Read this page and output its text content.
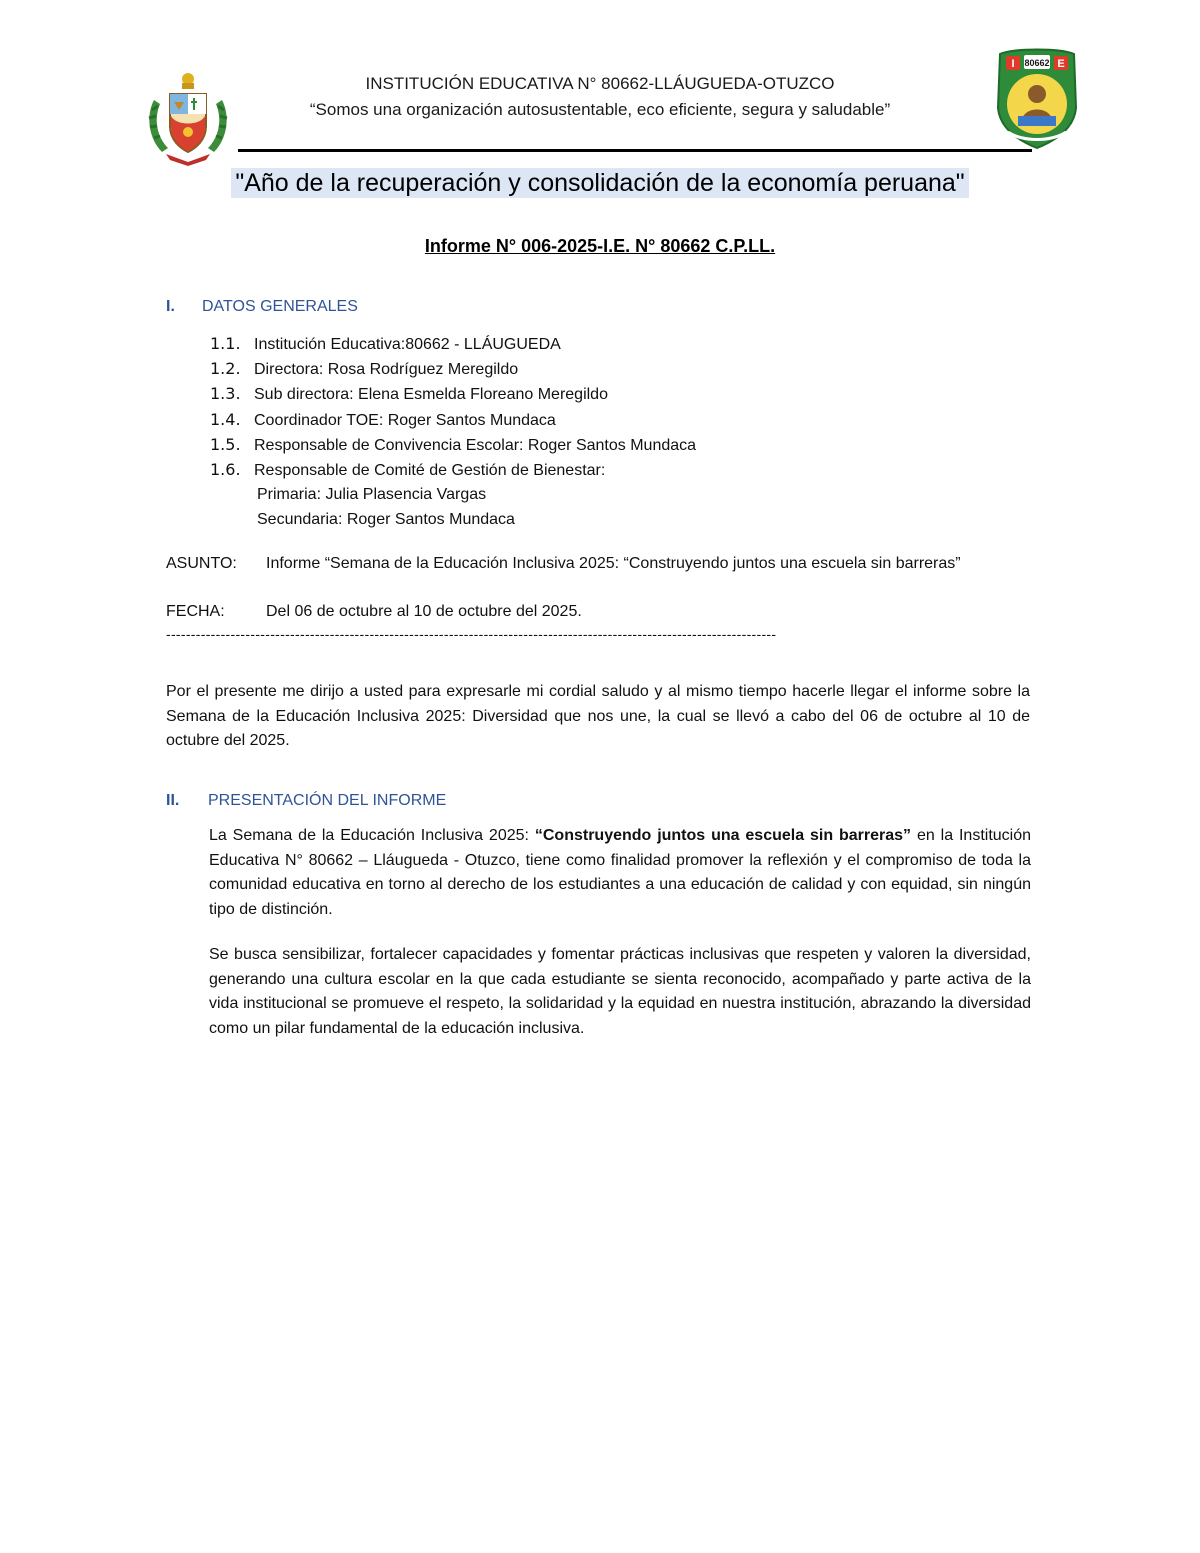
INSTITUCIÓN EDUCATIVA N° 80662-LLÁUGUEDA-OTUZCO
“Somos una organización autosustentable, eco eficiente, segura y saludable”
I	E
80662
"Año de la recuperación y consolidación de la economía peruana"
Informe N° 006-2025-I.E. N° 80662 C.P.LL.
I. DATOS GENERALES
1.1. Institución Educativa:80662 - LLÁUGUEDA
1.2. Directora: Rosa Rodríguez Meregildo
1.3. Sub directora: Elena Esmelda Floreano Meregildo
1.4. Coordinador TOE: Roger Santos Mundaca
1.5. Responsable de Convivencia Escolar: Roger Santos Mundaca
1.6. Responsable de Comité de Gestión de Bienestar:
Primaria: Julia Plasencia Vargas
Secundaria: Roger Santos Mundaca
ASUNTO: Informe “Semana de la Educación Inclusiva 2025: “Construyendo juntos una escuela sin barreras”
FECHA:	Del 06 de octubre al 10 de octubre del 2025.
---------------------------------------------------------------------------------------------------------------------------
Por el presente me dirijo a usted para expresarle mi cordial saludo y al mismo tiempo hacerle llegar el informe sobre la Semana de la Educación Inclusiva 2025: Diversidad que nos une, la cual se llevó a cabo del 06 de octubre al 10 de octubre del 2025.
II. PRESENTACIÓN DEL INFORME
La Semana de la Educación Inclusiva 2025: “Construyendo juntos una escuela sin barreras” en la Institución Educativa N° 80662 – Lláugueda - Otuzco, tiene como finalidad promover la reflexión y el compromiso de toda la comunidad educativa en torno al derecho de los estudiantes a una educación de calidad y con equidad, sin ningún tipo de distinción.
Se busca sensibilizar, fortalecer capacidades y fomentar prácticas inclusivas que respeten y valoren la diversidad, generando una cultura escolar en la que cada estudiante se sienta reconocido, acompañado y parte activa de la vida institucional se promueve el respeto, la solidaridad y la equidad en nuestra institución, abrazando la diversidad como un pilar fundamental de la educación inclusiva.
